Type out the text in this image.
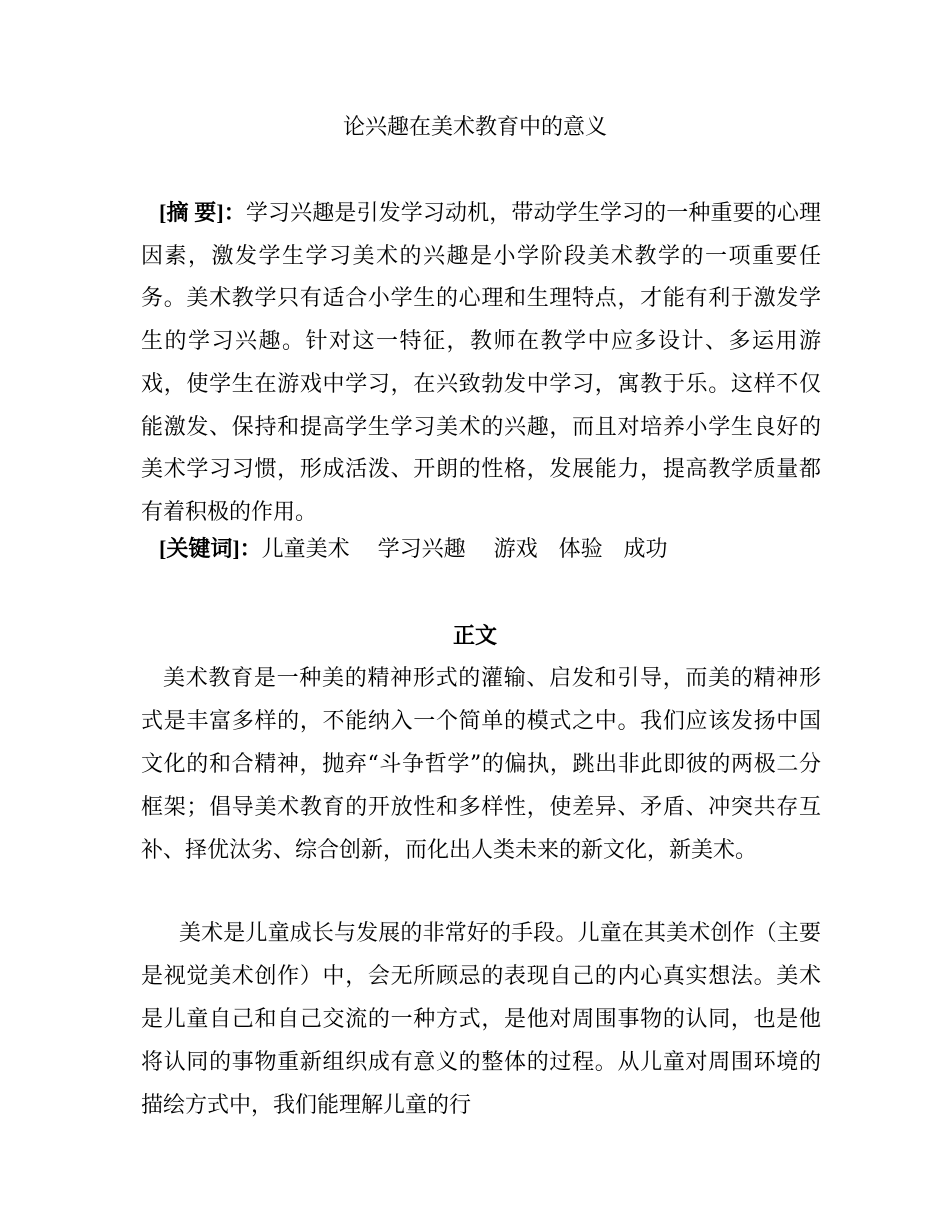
论兴趣在美术教育中的意义
[摘 要]：学习兴趣是引发学习动机，带动学生学习的一种重要的心理因素，激发学生学习美术的兴趣是小学阶段美术教学的一项重要任务。美术教学只有适合小学生的心理和生理特点，才能有利于激发学生的学习兴趣。针对这一特征，教师在教学中应多设计、多运用游戏，使学生在游戏中学习，在兴致勃发中学习，寓教于乐。这样不仅能激发、保持和提高学生学习美术的兴趣，而且对培养小学生良好的美术学习习惯，形成活泼、开朗的性格，发展能力，提高教学质量都有着积极的作用。
[关键词]：儿童美术    学习兴趣    游戏   体验   成功
正文

美术教育是一种美的精神形式的灌输、启发和引导，而美的精神形式是丰富多样的，不能纳入一个简单的模式之中。我们应该发扬中国文化的和合精神，抛弃“斗争哲学”的偏执，跳出非此即彼的两极二分框架；倡导美术教育的开放性和多样性，使差异、矛盾、冲突共存互补、择优汰劣、综合创新，而化出人类未来的新文化，新美术。

美术是儿童成长与发展的非常好的手段。儿童在其美术创作（主要是视觉美术创作）中，会无所顾忌的表现自己的内心真实想法。美术是儿童自己和自己交流的一种方式，是他对周围事物的认同，也是他将认同的事物重新组织成有意义的整体的过程。从儿童对周围环境的描绘方式中，我们能理解儿童的行
